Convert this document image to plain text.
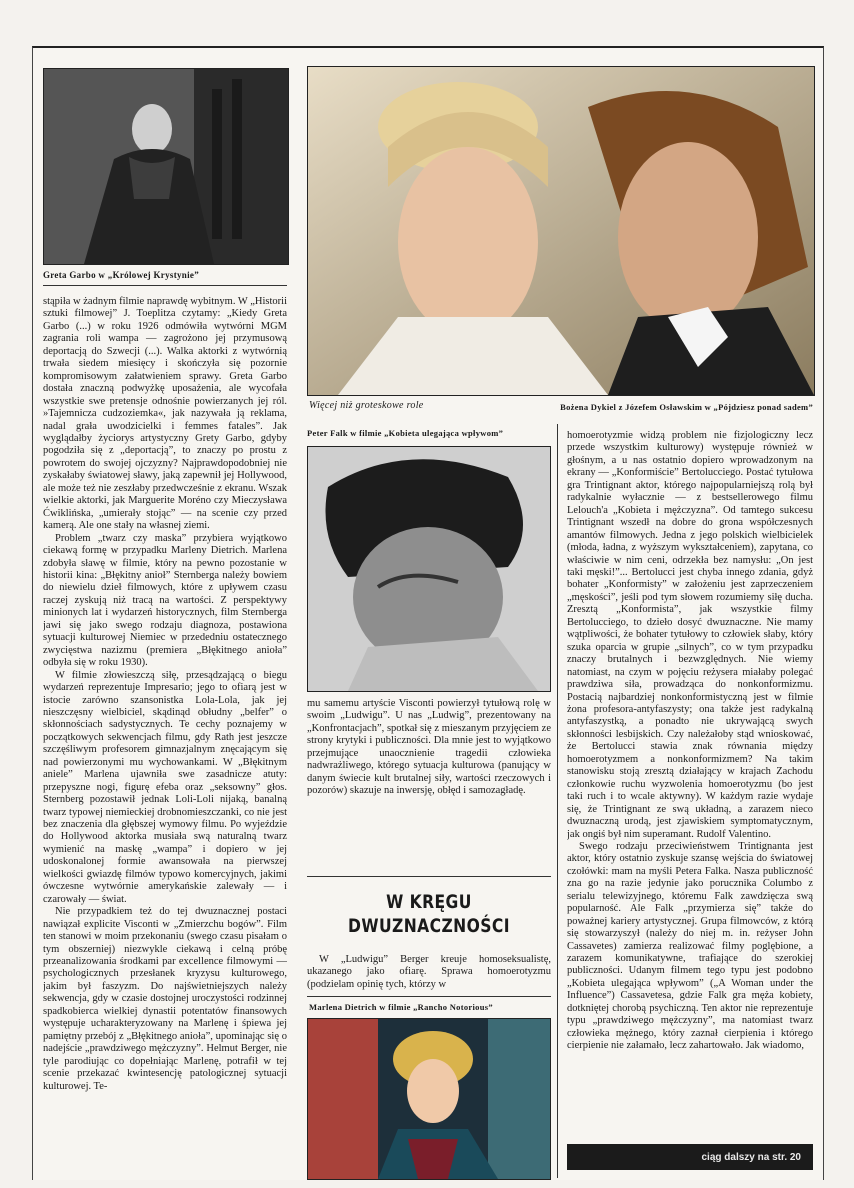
Greta Garbo w „Królowej Krystynie”
Więcej niż groteskowe role	Bożena Dykiel z Józefem Osławskim w „Pójdziesz ponad sadem”

stąpiła w żadnym filmie naprawdę wybitnym. W „Historii sztuki filmowej” J. Toeplitza czytamy: „Kiedy Greta Garbo (...) w roku 1926 odmówiła wytwórni MGM zagrania roli wampa — zagrożono jej przymusową deportacją do Szwecji (...). Walka aktorki z wytwórnią trwała siedem miesięcy i skończyła się pozornie kompromisowym załatwieniem sprawy. Greta Garbo dostała znaczną podwyżkę uposażenia, ale wycofała wszystkie swe pretensje odnośnie powierzanych jej ról. »Tajemnicza cudzoziemka«, jak nazywała ją reklama, nadal grała uwodzicielki i femmes fatales”. Jak wyglądałby życiorys artystyczny Grety Garbo, gdyby pogodziła się z „deportacją”, to znaczy po prostu z powrotem do swojej ojczyzny? Najprawdopodobniej nie zyskałaby światowej sławy, jaką zapewnił jej Hollywood, ale może też nie zeszłaby przedwcześnie z ekranu. Wszak wielkie aktorki, jak Marguerite Moréno czy Mieczysława Ćwiklińska, „umierały stojąc” — na scenie czy przed kamerą. Ale one stały na własnej ziemi.

Problem „twarz czy maska” przybiera wyjątkowo ciekawą formę w przypadku Marleny Dietrich. Marlena zdobyła sławę w filmie, który na pewno pozostanie w historii kina: „Błękitny anioł” Sternberga należy bowiem do niewielu dzieł filmowych, które z upływem czasu raczej zyskują niż tracą na wartości. Z perspektywy minionych lat i wydarzeń historycznych, film Sternberga jawi się jako swego rodzaju diagnoza, postawiona sytuacji kulturowej Niemiec w przededniu ostatecznego zwycięstwa nazizmu (premiera „Błękitnego anioła” odbyła się w roku 1930).

W filmie złowieszczą siłę, przesądzającą o biegu wydarzeń reprezentuje Impresario; jego to ofiarą jest w istocie zarówno szansonistka Lola-Lola, jak jej nieszczęsny wielbiciel, skądinąd obłudny „belfer” o skłonnościach sadystycznych. Te cechy poznajemy w początkowych sekwencjach filmu, gdy Rath jest jeszcze szczęśliwym profesorem gimnazjalnym znęcającym się nad powierzonymi mu wychowankami. W „Błękitnym aniele” Marlena ujawniła swe zasadnicze atuty: przepyszne nogi, figurę efeba oraz „seksowny” głos. Sternberg pozostawił jednak Loli-Loli nijaką, banalną twarz typowej niemieckiej drobnomieszczanki, co nie jest bez znaczenia dla głębszej wymowy filmu. Po wyjeździe do Hollywood aktorka musiała swą naturalną twarz wymienić na maskę „wampa” i dopiero w jej udoskonalonej formie awansowała na pierwszej wielkości gwiazdę filmów typowo komercyjnych, jakimi ówczesne wytwórnie amerykańskie zalewały — i czarowały — świat.

Nie przypadkiem też do tej dwuznacznej postaci nawiązał explicite Visconti w „Zmierzchu bogów”. Film ten stanowi w moim przekonaniu (swego czasu pisałam o tym obszerniej) niezwykle ciekawą i celną próbę przeanalizowania środkami par excellence filmowymi — psychologicznych przesłanek kryzysu kulturowego, jakim był faszyzm. Do najświetniejszych należy sekwencja, gdy w czasie dostojnej uroczystości rodzinnej spadkobierca wielkiej dynastii potentatów finansowych występuje ucharakteryzowany na Marlenę i śpiewa jej pamiętny przebój z „Błękitnego anioła”, upominając się o nadejście „prawdziwego mężczyzny”. Helmut Berger, nie tyle parodiując co dopełniając Marlenę, potrafił w tej scenie przekazać kwintesencję patologicznej sytuacji kulturowej. Te-

Peter Falk w filmie „Kobieta ulegająca wpływom”

mu samemu artyście Visconti powierzył tytułową rolę w swoim „Ludwigu”. U nas „Ludwig”, prezentowany na „Konfrontacjach”, spotkał się z mieszanym przyjęciem ze strony krytyki i publiczności. Dla mnie jest to wyjątkowo przejmujące unaocznienie tragedii człowieka nadwrażliwego, którego sytuacja kulturowa (panujący w danym świecie kult brutalnej siły, wartości rzeczowych i pozorów) skazuje na inwersję, obłęd i samozagładę.

W KRĘGU
DWUZNACZNOŚCI

W „Ludwigu” Berger kreuje homoseksualistę, ukazanego jako ofiarę. Sprawa homoerotyzmu (podzielam opinię tych, którzy w

Marlena Dietrich w filmie „Rancho Notorious”

homoerotyzmie widzą problem nie fizjologiczny lecz przede wszystkim kulturowy) występuje również w głośnym, a u nas ostatnio dopiero wprowadzonym na ekrany — „Konformiście” Bertolucciego. Postać tytułowa gra Trintignant aktor, którego najpopularniejszą rolą był radykalnie wyłacznie — z bestsellerowego filmu Lelouch'a „Kobieta i mężczyzna”. Od tamtego sukcesu Trintignant wszedł na dobre do grona współczesnych amantów filmowych. Jedna z jego polskich wielbicielek (młoda, ładna, z wyższym wykształceniem), zapytana, co właściwie w nim ceni, odrzekła bez namysłu: „On jest taki męski!”... Bertolucci jest chyba innego zdania, gdyż bohater „Konformisty” w założeniu jest zaprzeczeniem „męskości”, jeśli pod tym słowem rozumiemy siłę ducha. Zresztą „Konformista”, jak wszystkie filmy Bertolucciego, to dzieło dosyć dwuznaczne. Nie mamy wątpliwości, że bohater tytułowy to człowiek słaby, który szuka oparcia w grupie „silnych”, co w tym przypadku znaczy brutalnych i bezwzględnych. Nie wiemy natomiast, na czym w pojęciu reżysera miałaby polegać prawdziwa siła, prowadząca do nonkonformizmu. Postacią najbardziej nonkonformistyczną jest w filmie żona profesora-antyfaszysty; ona także jest radykalną antyfaszystką, a ponadto nie ukrywającą swych skłonności lesbijskich. Czy należałoby stąd wnioskować, że Bertolucci stawia znak równania między homoerotyzmem a nonkonformizmem? Na takim stanowisku stoją zresztą działający w krajach Zachodu członkowie ruchu wyzwolenia homoerotyzmu (bo jest taki ruch i to wcale aktywny). W każdym razie wydaje się, że Trintignant ze swą układną, a zarazem nieco dwuznaczną urodą, jest zjawiskiem symptomatycznym, jak ongiś był nim superamant. Rudolf Valentino.

Swego rodzaju przeciwieństwem Trintignanta jest aktor, który ostatnio zyskuje szansę wejścia do światowej czołówki: mam na myśli Petera Falka. Nasza publiczność zna go na razie jedynie jako porucznika Columbo z serialu telewizyjnego, któremu Falk zawdzięcza swą popularność. Ale Falk „przymierza się” także do poważnej kariery artystycznej. Grupa filmowców, z którą się stowarzyszył (należy do niej m. in. reżyser John Cassavetes) zamierza realizować filmy poglębione, a zarazem komunikatywne, trafiające do szerokiej publiczności. Udanym filmem tego typu jest podobno „Kobieta ulegająca wpływom” („A Woman under the Influence”) Cassavetesa, gdzie Falk gra męża kobiety, dotkniętej chorobą psychiczną. Ten aktor nie reprezentuje typu „prawdziwego mężczyzny”, ma natomiast twarz człowieka mężnego, który zaznał cierpienia i którego cierpienie nie załamało, lecz zahartowało. Jak wiadomo,

ciąg dalszy na str. 20
